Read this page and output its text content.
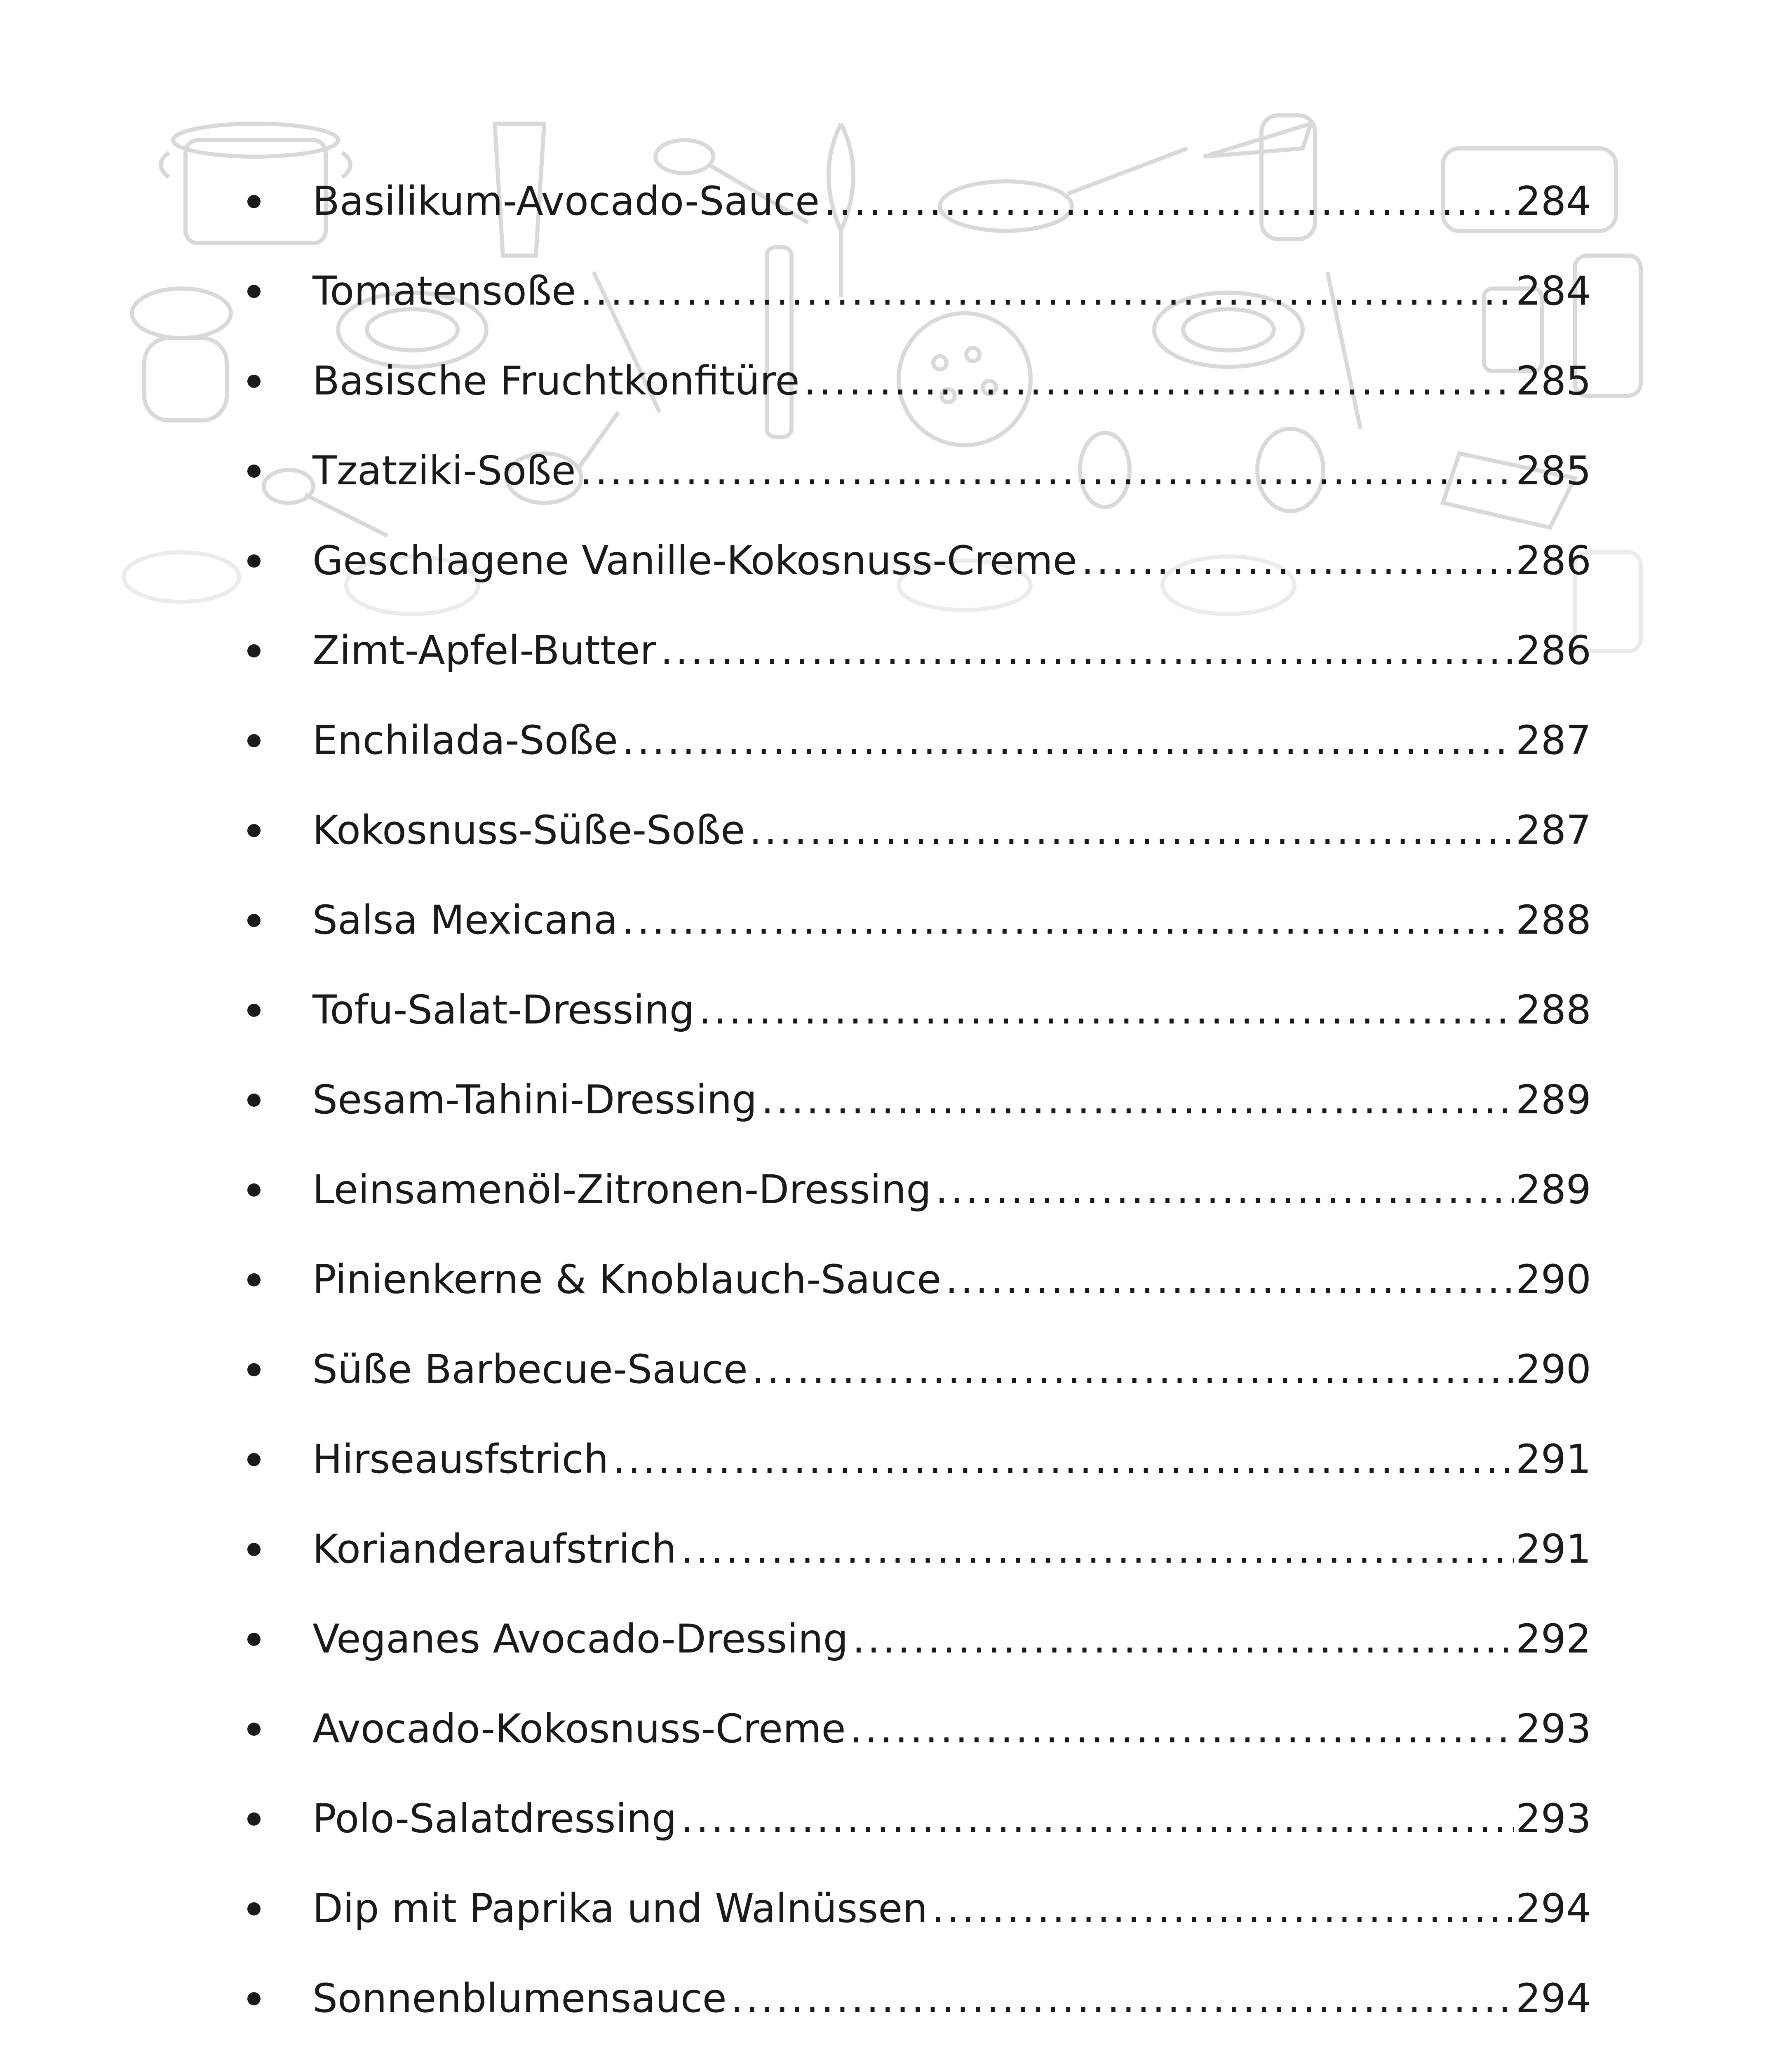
Basilikum-Avocado-Sauce .....	284
Tomatensoße .....	284
Basische Fruchtkonfitüre .....	285
Tzatziki-Soße .....	285
Geschlagene Vanille-Kokosnuss-Creme .....	286
Zimt-Apfel-Butter .....	286
Enchilada-Soße .....	287
Kokosnuss-Süße-Soße .....	287
Salsa Mexicana .....	288
Tofu-Salat-Dressing .....	288
Sesam-Tahini-Dressing .....	289
Leinsamenöl-Zitronen-Dressing .....	289
Pinienkerne & Knoblauch-Sauce .....	290
Süße Barbecue-Sauce .....	290
Hirseausfstrich .....	291
Korianderaufstrich .....	291
Veganes Avocado-Dressing .....	292
Avocado-Kokosnuss-Creme .....	293
Polo-Salatdressing .....	293
Dip mit Paprika und Walnüssen .....	294
Sonnenblumensauce .....	294
